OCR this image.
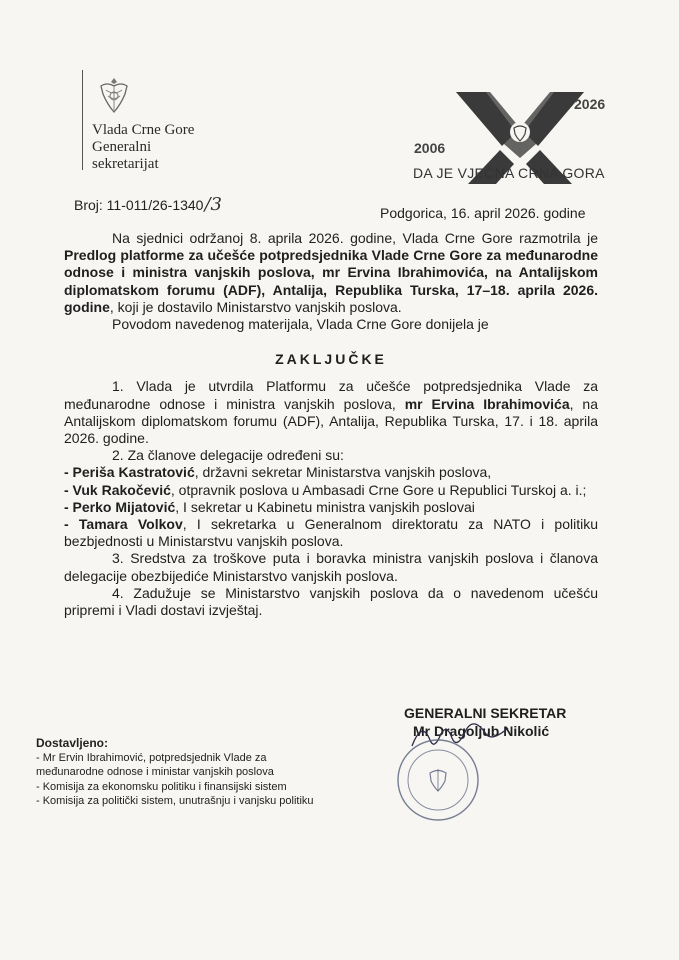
Vlada Crne Gore
Generalni
sekretarijat
2006
2026
DA JE VJEČNA CRNA GORA
Broj: 11-011/26-1340/3	Podgorica, 16. april 2026. godine

Na sjednici održanoj 8. aprila 2026. godine, Vlada Crne Gore razmotrila je Predlog platforme za učešće potpredsjednika Vlade Crne Gore za međunarodne odnose i ministra vanjskih poslova, mr Ervina Ibrahimovića, na Antalijskom diplomatskom forumu (ADF), Antalija, Republika Turska, 17–18. aprila 2026. godine, koji je dostavilo Ministarstvo vanjskih poslova.

Povodom navedenog materijala, Vlada Crne Gore donijela je

ZAKLJUČKE

1. Vlada je utvrdila Platformu za učešće potpredsjednika Vlade za međunarodne odnose i ministra vanjskih poslova, mr Ervina Ibrahimovića, na Antalijskom diplomatskom forumu (ADF), Antalija, Republika Turska, 17. i 18. aprila 2026. godine.

2. Za članove delegacije određeni su:

- Periša Kastratović, državni sekretar Ministarstva vanjskih poslova,

- Vuk Rakočević, otpravnik poslova u Ambasadi Crne Gore u Republici Turskoj a. i.;

- Perko Mijatović, I sekretar u Kabinetu ministra vanjskih poslovai

- Tamara Volkov, I sekretarka u Generalnom direktoratu za NATO i politiku bezbjednosti u Ministarstvu vanjskih poslova.

3. Sredstva za troškove puta i boravka ministra vanjskih poslova i članova delegacije obezbijediće Ministarstvo vanjskih poslova.

4. Zadužuje se Ministarstvo vanjskih poslova da o navedenom učešću pripremi i Vladi dostavi izvještaj.

GENERALNI SEKRETAR
Mr Dragoljub Nikolić
Dostavljeno:
- Mr Ervin Ibrahimović, potpredsjednik Vlade za
međunarodne odnose i ministar vanjskih poslova
- Komisija za ekonomsku politiku i finansijski sistem
- Komisija za politički sistem, unutrašnju i vanjsku politiku
